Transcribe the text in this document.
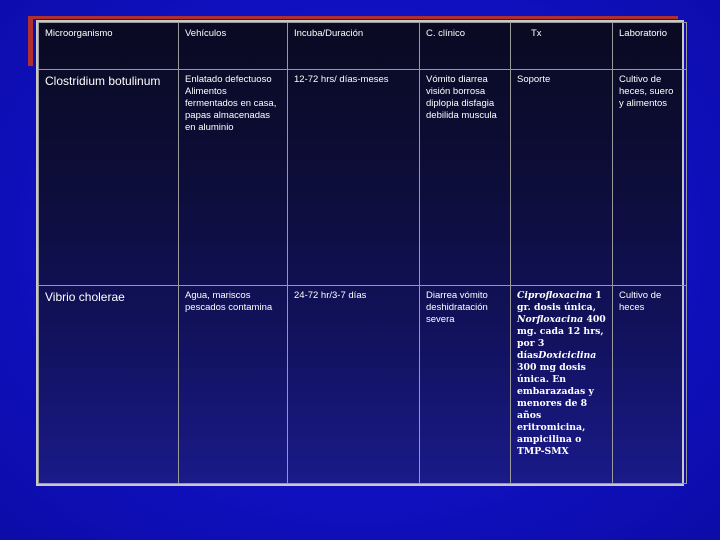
Microorganismo	Vehículos	Incuba/Duración	C. clínico	Tx	Laboratorio

Clostridium botulinum	Enlatado defectuoso Alimentos fermentados en casa, papas almacenadas en aluminio	12-72 hrs/ días-meses	Vómito diarrea visión borrosa diplopia disfagia debilida muscula	Soporte	Cultivo de heces, suero y alimentos

Vibrio cholerae	Agua, mariscos pescados contamina	24-72 hr/3-7 días	Diarrea vómito deshidratación severa	Ciprofloxacina 1 gr. dosis única, Norfloxacina 400 mg. cada 12 hrs, por 3 díasDoxiciclina 300 mg dosis única. En embarazadas y menores de 8 años eritromicina, ampicilina o TMP-SMX	Cultivo de heces
